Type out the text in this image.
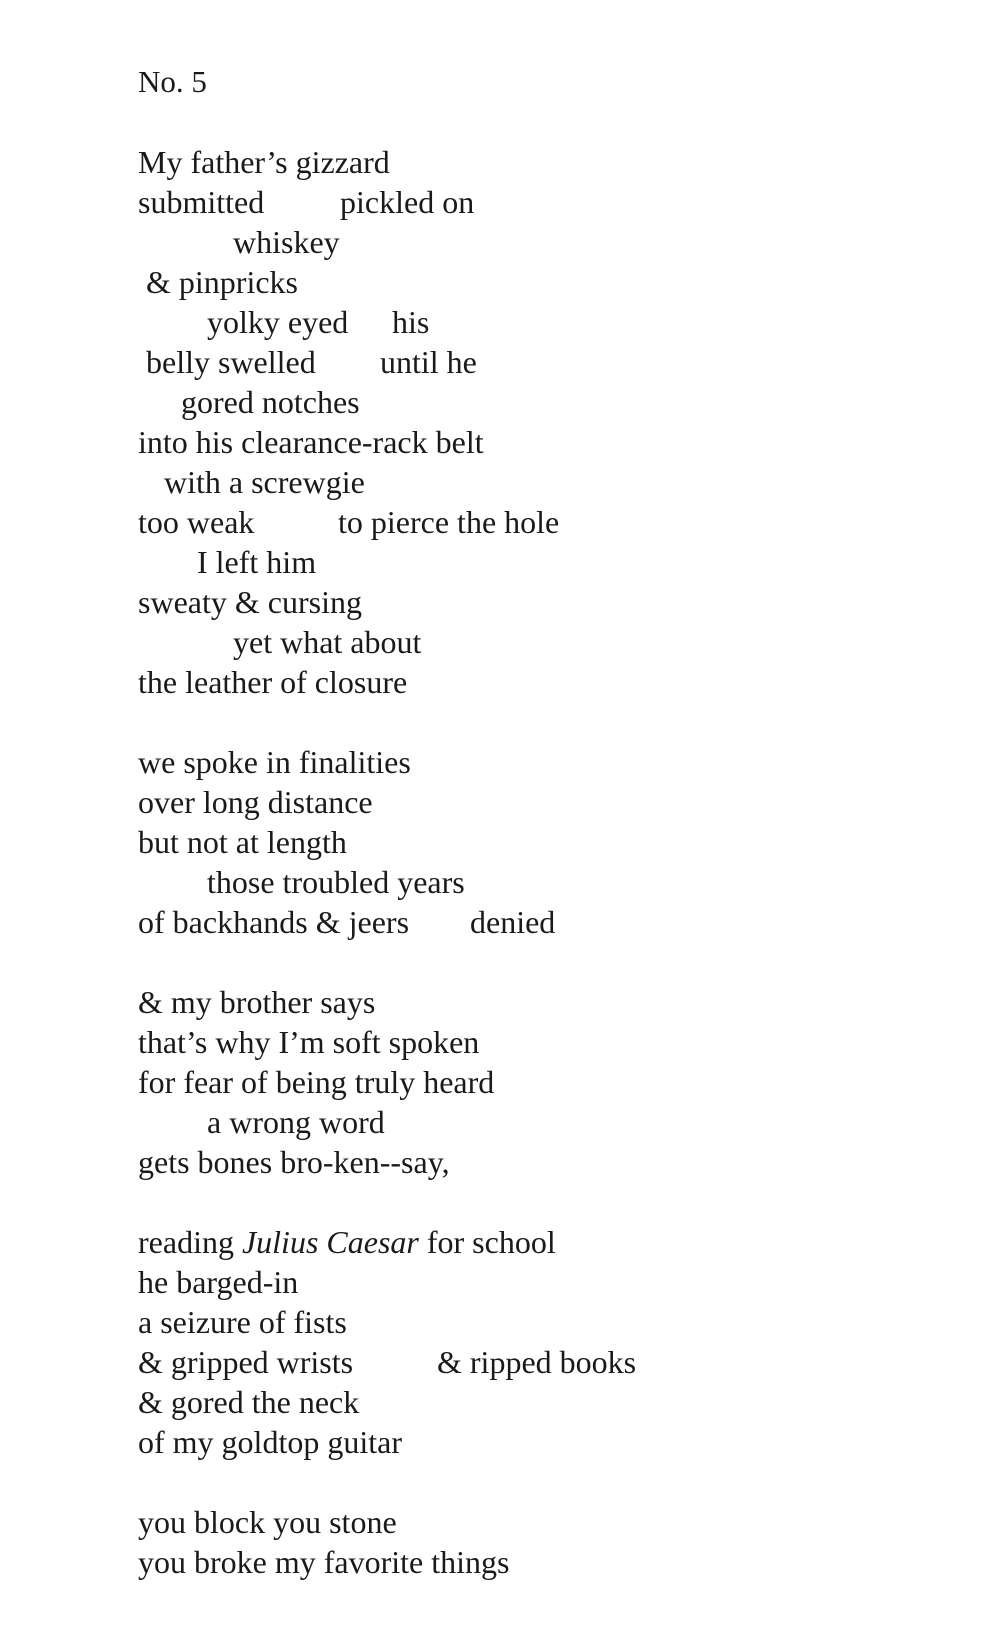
No. 5
My father’s gizzard

submitted

pickled on

whiskey

& pinpricks

yolky eyed

his

belly swelled

until he

gored notches

into his clearance-rack belt

with a screwgie

too weak

	to pierce the hole

I left him

sweaty & cursing

yet what about

the leather of closure
we spoke in finalities
over long distance
but not at length

those troubled years

of backhands & jeers

denied

& my brother says
that’s why I’m soft spoken
for fear of being truly heard

a wrong word

gets bones bro-ken--say,
reading Julius Caesar for school
he barged-in
a seizure of fists

& gripped wrists

	& ripped books

& gored the neck
of my goldtop guitar
you block you stone
you broke my favorite things
